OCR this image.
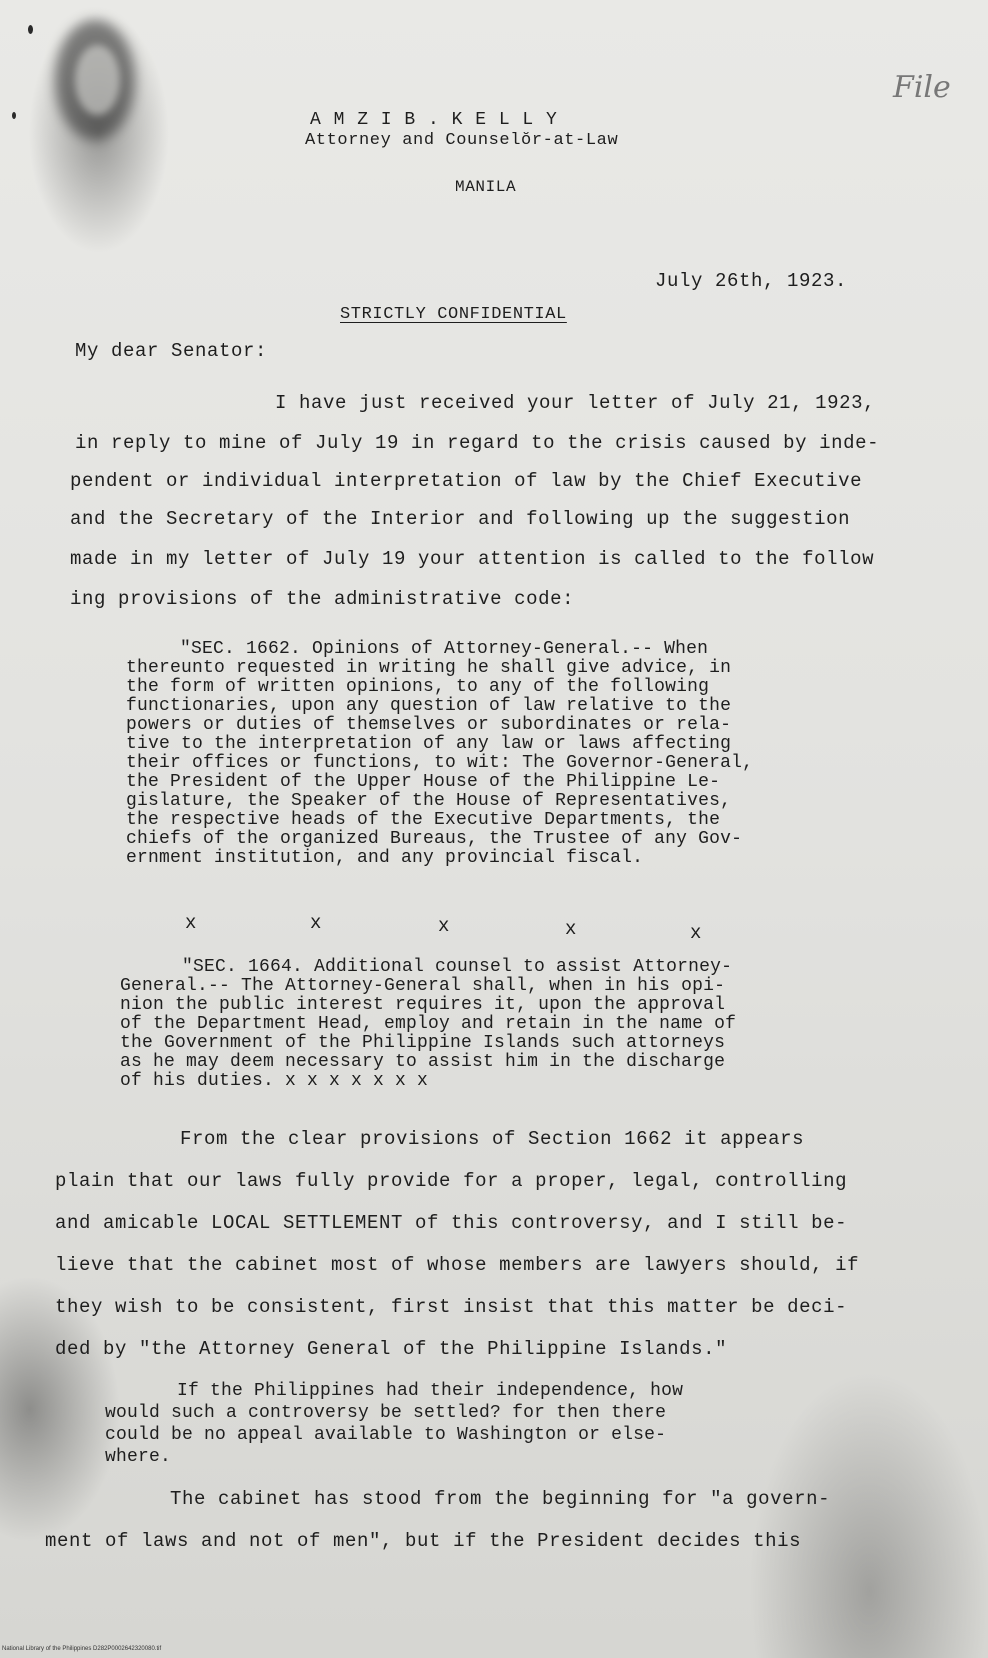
File
A M Z I B . K E L L Y
Attorney and Counselŏr-at-Law
MANILA
July 26th, 1923.
STRICTLY CONFIDENTIAL
My dear Senator:
I have just received your letter of July 21, 1923,
in reply to mine of July 19 in regard to the crisis caused by inde-
pendent or individual interpretation of law by the Chief Executive
and the Secretary of the Interior and following up the suggestion
made in my letter of July 19 your attention is called to the follow
ing provisions of the administrative code:
"SEC. 1662. Opinions of Attorney-General.-- When
thereunto requested in writing he shall give advice, in
the form of written opinions, to any of the following
functionaries, upon any question of law relative to the
powers or duties of themselves or subordinates or rela-
tive to the interpretation of any law or laws affecting
their offices or functions, to wit: The Governor-General,
the President of the Upper House of the Philippine Le-
gislature, the Speaker of the House of Representatives,
the respective heads of the Executive Departments, the
chiefs of the organized Bureaus, the Trustee of any Gov-
ernment institution, and any provincial fiscal.
x	x	x	x	x
"SEC. 1664. Additional counsel to assist Attorney-
General.-- The Attorney-General shall, when in his opi-
nion the public interest requires it, upon the approval
of the Department Head, employ and retain in the name of
the Government of the Philippine Islands such attorneys
as he may deem necessary to assist him in the discharge
of his duties. x x x x x x x
From the clear provisions of Section 1662 it appears
plain that our laws fully provide for a proper, legal, controlling
and amicable LOCAL SETTLEMENT of this controversy, and I still be-
lieve that the cabinet most of whose members are lawyers should, if
they wish to be consistent, first insist that this matter be deci-
ded by "the Attorney General of the Philippine Islands."
If the Philippines had their independence, how
would such a controversy be settled? for then there
could be no appeal available to Washington or else-
where.
The cabinet has stood from the beginning for "a govern-
ment of laws and not of men", but if the President decides this
National Library of the Philippines D282P0002642320080.tif
